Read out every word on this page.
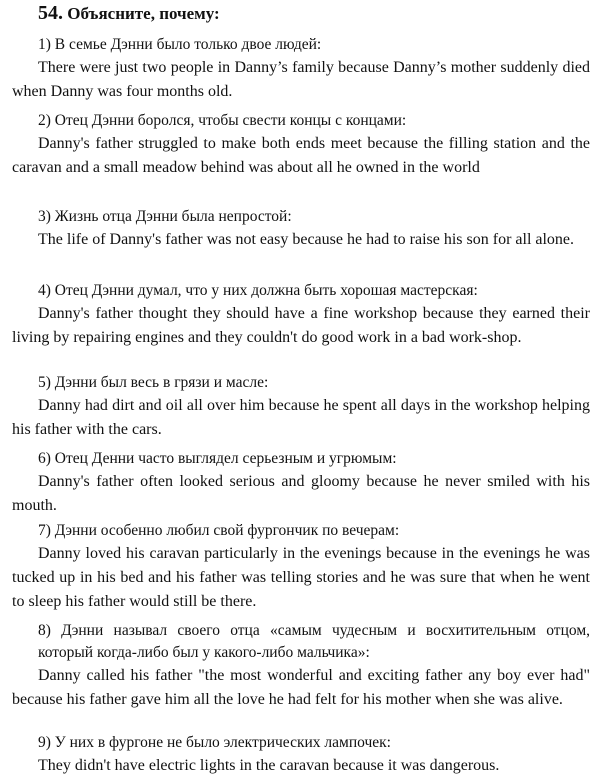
54. Объясните, почему:
1) В семье Дэнни было только двое людей:
There were just two people in Danny’s family because Danny’s mother suddenly died when Danny was four months old.
2) Отец Дэнни боролся, чтобы свести концы с концами:
Danny's father struggled to make both ends meet because the filling station and the caravan and a small meadow behind was about all he owned in the world
3) Жизнь отца Дэнни была непростой:
The life of Danny's father was not easy because he had to raise his son for all alone.
4) Отец Дэнни думал, что у них должна быть хорошая мастерская:
Danny's father thought they should have a fine workshop because they earned their living by repairing engines and they couldn't do good work in a bad work-shop.
5) Дэнни был весь в грязи и масле:
Danny had dirt and oil all over him because he spent all days in the workshop helping his father with the cars.
6) Отец Денни часто выглядел серьезным и угрюмым:
Danny's father often looked serious and gloomy because he never smiled with his mouth.
7) Дэнни особенно любил свой фургончик по вечерам:
Danny loved his caravan particularly in the evenings because in the evenings he was tucked up in his bed and his father was telling stories and he was sure that when he went to sleep his father would still be there.
8) Дэнни называл своего отца «самым чудесным и восхитительным отцом, который когда-либо был у какого-либо мальчика»:
Danny called his father "the most wonderful and exciting father any boy ever had" because his father gave him all the love he had felt for his mother when she was alive.
9) У них в фургоне не было электрических лампочек:
They didn't have electric lights in the caravan because it was dangerous.
